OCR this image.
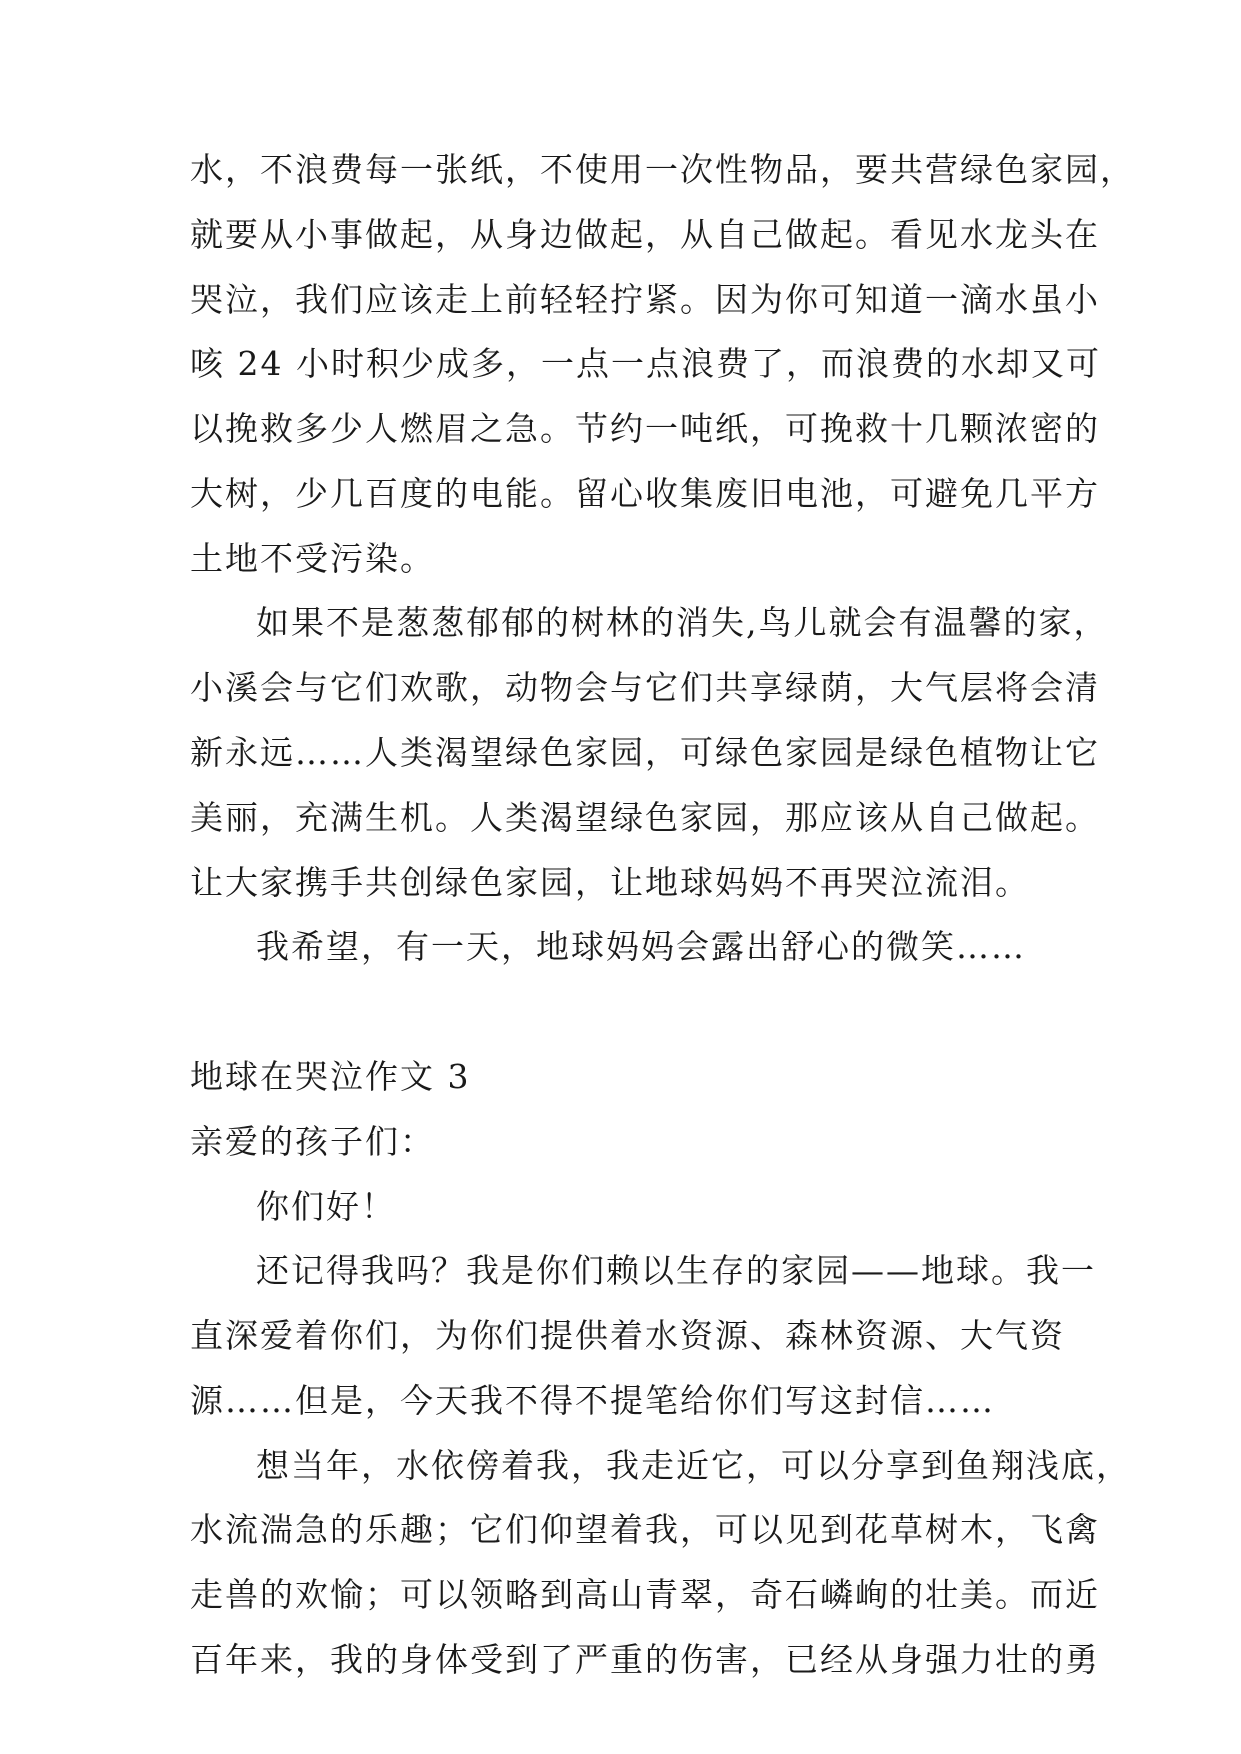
水，不浪费每一张纸，不使用一次性物品，要共营绿色家园，
就要从小事做起，从身边做起，从自己做起。看见水龙头在
哭泣，我们应该走上前轻轻拧紧。因为你可知道一滴水虽小
咳 24 小时积少成多，一点一点浪费了，而浪费的水却又可
以挽救多少人燃眉之急。节约一吨纸，可挽救十几颗浓密的
大树，少几百度的电能。留心收集废旧电池，可避免几平方
土地不受污染。
如果不是葱葱郁郁的树林的消失,鸟儿就会有温馨的家，
小溪会与它们欢歌，动物会与它们共享绿荫，大气层将会清
新永远……人类渴望绿色家园，可绿色家园是绿色植物让它
美丽，充满生机。人类渴望绿色家园，那应该从自己做起。
让大家携手共创绿色家园，让地球妈妈不再哭泣流泪。
我希望，有一天，地球妈妈会露出舒心的微笑……
地球在哭泣作文 3
亲爱的孩子们：
你们好！
还记得我吗？我是你们赖以生存的家园——地球。我一
直深爱着你们，为你们提供着水资源、森林资源、大气资
源……但是，今天我不得不提笔给你们写这封信……
想当年，水依傍着我，我走近它，可以分享到鱼翔浅底，
水流湍急的乐趣；它们仰望着我，可以见到花草树木，飞禽
走兽的欢愉；可以领略到高山青翠，奇石嶙峋的壮美。而近
百年来，我的身体受到了严重的伤害，已经从身强力壮的勇
